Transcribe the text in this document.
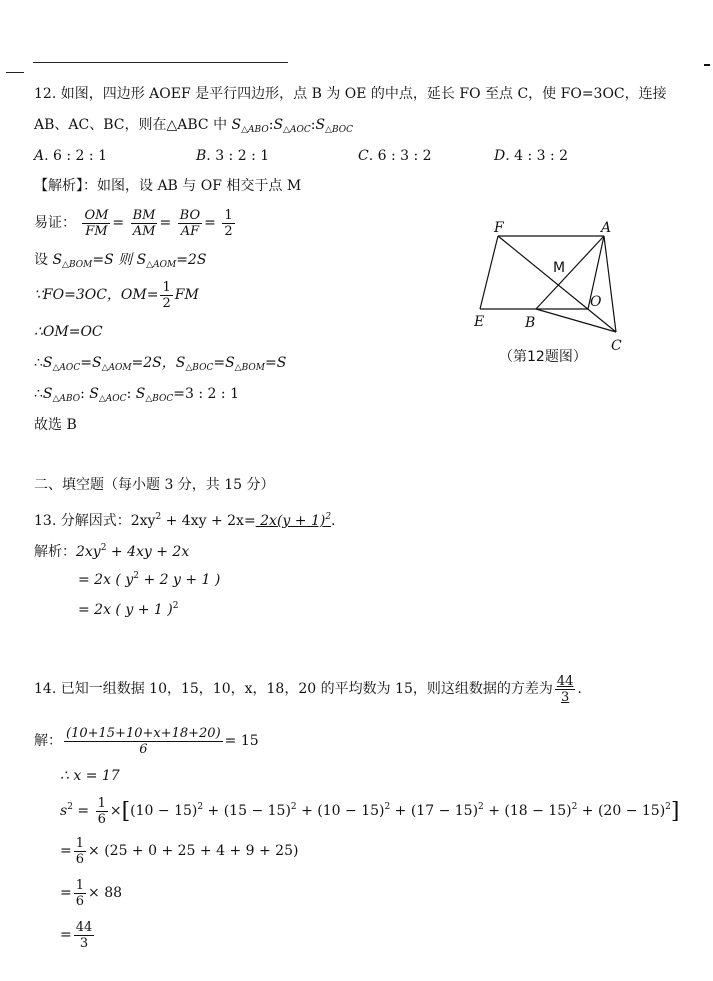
12. 如图，四边形 AOEF 是平行四边形，点 B 为 OE 的中点，延长 FO 至点 C，使 FO=3OC，连接
AB、AC、BC，则在△ABC 中 $S_{\triangle ABO}:S_{\triangle AOC}:S_{\triangle BOC}$
A. 6 : 2 : 1	B. 3 : 2 : 1	C. 6 : 3 : 2	D. 4 : 3 : 2
【解析】：如图，设 AB 与 OF 相交于点 M
易证： $\frac{OM}{FM} = \frac{BM}{AM} = \frac{BO}{AF} = \frac{1}{2}$
设 $S_{\triangle BOM}=S$ 则 $S_{\triangle AOM}=2S$
∵FO=3OC，$OM= \frac{1}{2}$ FM
∴OM=OC
$\therefore S_{\triangle AOC}=S_{\triangle AOM}=2S$，$S_{\triangle BOC}=S_{\triangle BOM}=S$
$\therefore S_{\triangle ABO}$: $S_{\triangle AOC}$: $S_{\triangle BOC}=3$ : 2 : 1
故选 B
F	A
O
E	B
C
M
（第12题图）
二、填空题（每小题 3 分，共 15 分）
13. 分解因式：$2xy^2 + 4xy + 2x= 2x(y + 1)^2$.
解析：$2xy^2 + 4xy + 2x$
= 2x ( $y^2 + 2$ y + 1 )
= 2x ( y + 1 )$^2$
14. 已知一组数据 10，15，10，x，18，20 的平均数为 15，则这组数据的方差为 $\frac{44}{3}$ .
解： $\frac{(10+15+10+x+18+20)}{6} = 15$
∴ x = 17
$s^2 = \frac{1}{6} \times[(10 - 15)^2 + (15 - 15)^2 + (10 - 15)^2 + (17 - 15)^2 + (18 - 15)^2 + (20 - 15)^2]$
= $\frac{1}{6} \times (25 + 0 + 25 + 4 + 9 + 25)$
= $\frac{1}{6} \times 88$
= $\frac{44}{3}$
